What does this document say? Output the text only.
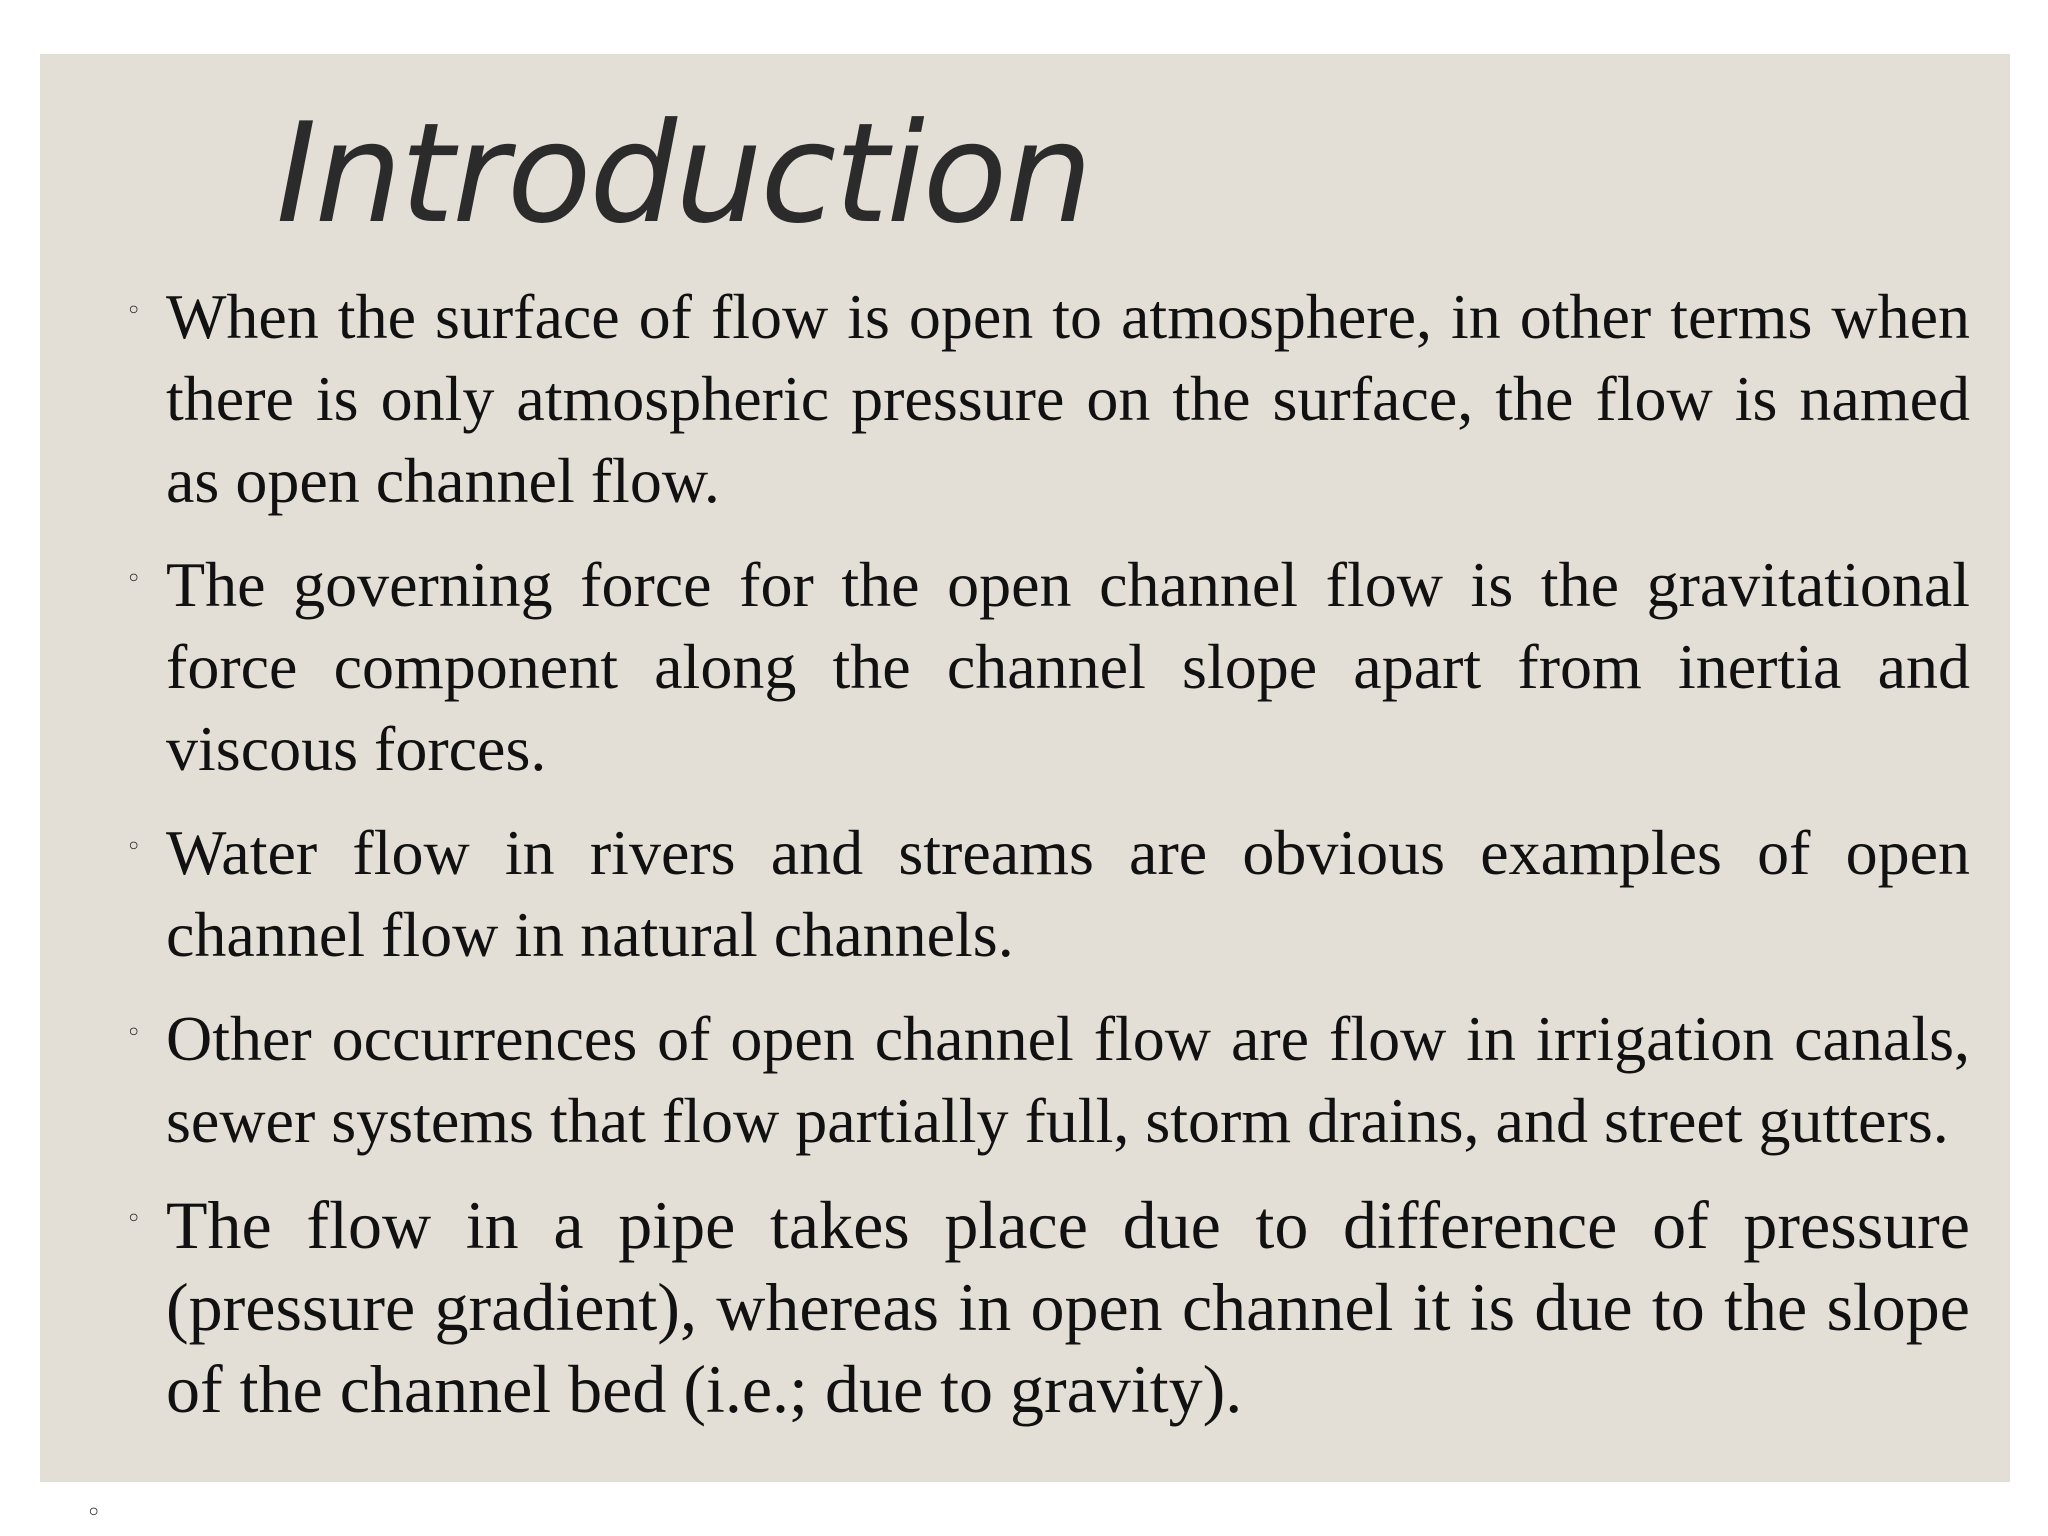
Introduction
◦ When the surface of flow is open to atmosphere, in other terms when there is only atmospheric pressure on the surface, the flow is named as open channel flow.
◦ The governing force for the open channel flow is the gravitational force component along the channel slope apart from inertia and viscous forces.
◦ Water flow in rivers and streams are obvious examples of open channel flow in natural channels.
◦ Other occurrences of open channel flow are flow in irrigation canals, sewer systems that flow partially full, storm drains, and street gutters.
◦ The flow in a pipe takes place due to difference of pressure (pressure gradient), whereas in open channel it is due to the slope of the channel bed (i.e.; due to gravity).
◦
